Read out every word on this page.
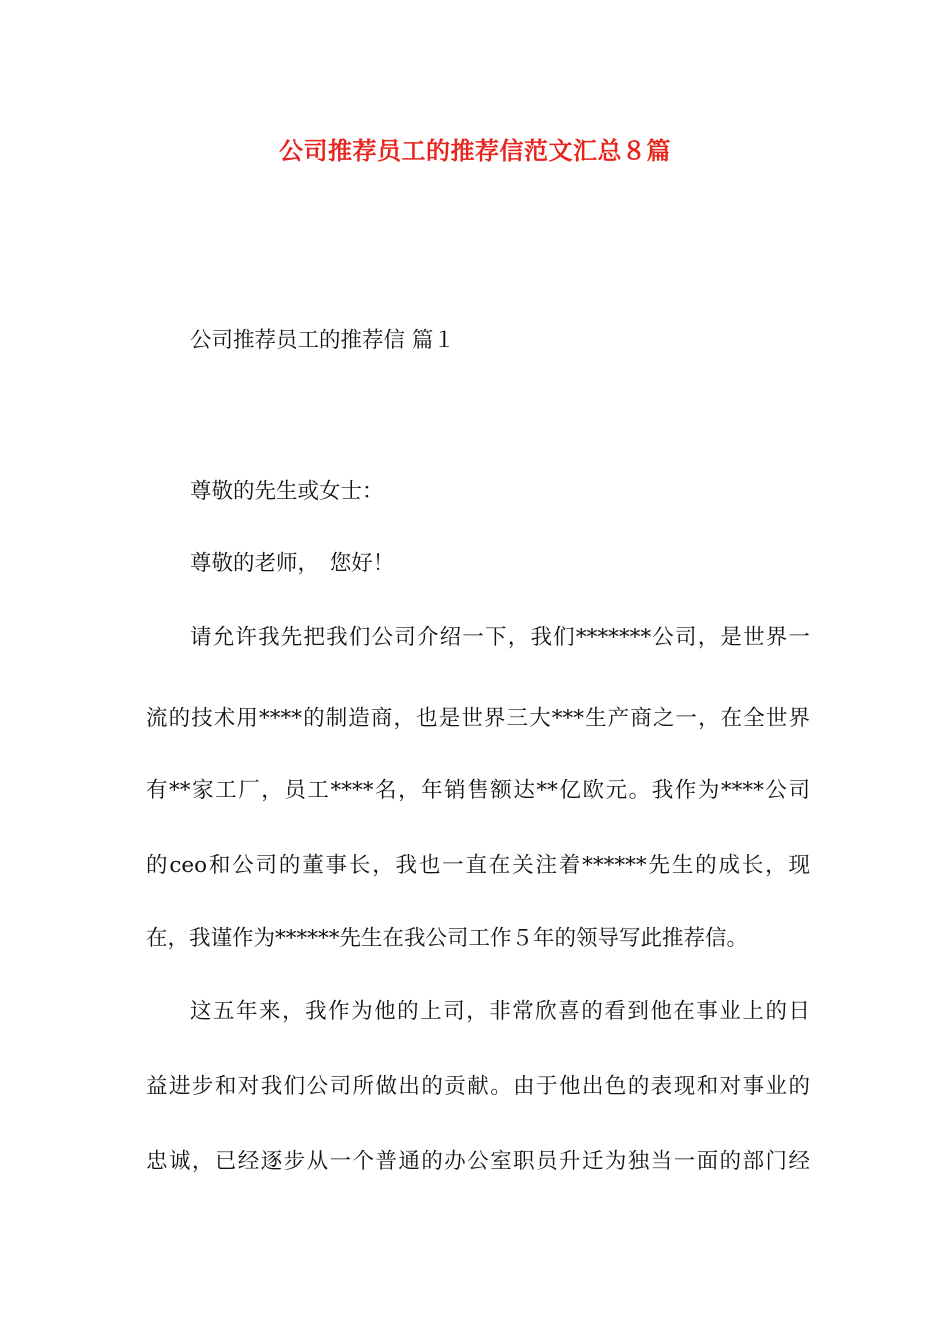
公司推荐员工的推荐信范文汇总８篇
公司推荐员工的推荐信 篇１
尊敬的先生或女士：
尊敬的老师，　您好！
请允许我先把我们公司介绍一下，我们*******公司，是世界一
流的技术用****的制造商，也是世界三大***生产商之一，在全世界
有**家工厂，员工****名，年销售额达**亿欧元。我作为****公司
的ceo和公司的董事长，我也一直在关注着******先生的成长，现
在，我谨作为******先生在我公司工作５年的领导写此推荐信。
这五年来，我作为他的上司，非常欣喜的看到他在事业上的日
益进步和对我们公司所做出的贡献。由于他出色的表现和对事业的
忠诚，已经逐步从一个普通的办公室职员升迁为独当一面的部门经
